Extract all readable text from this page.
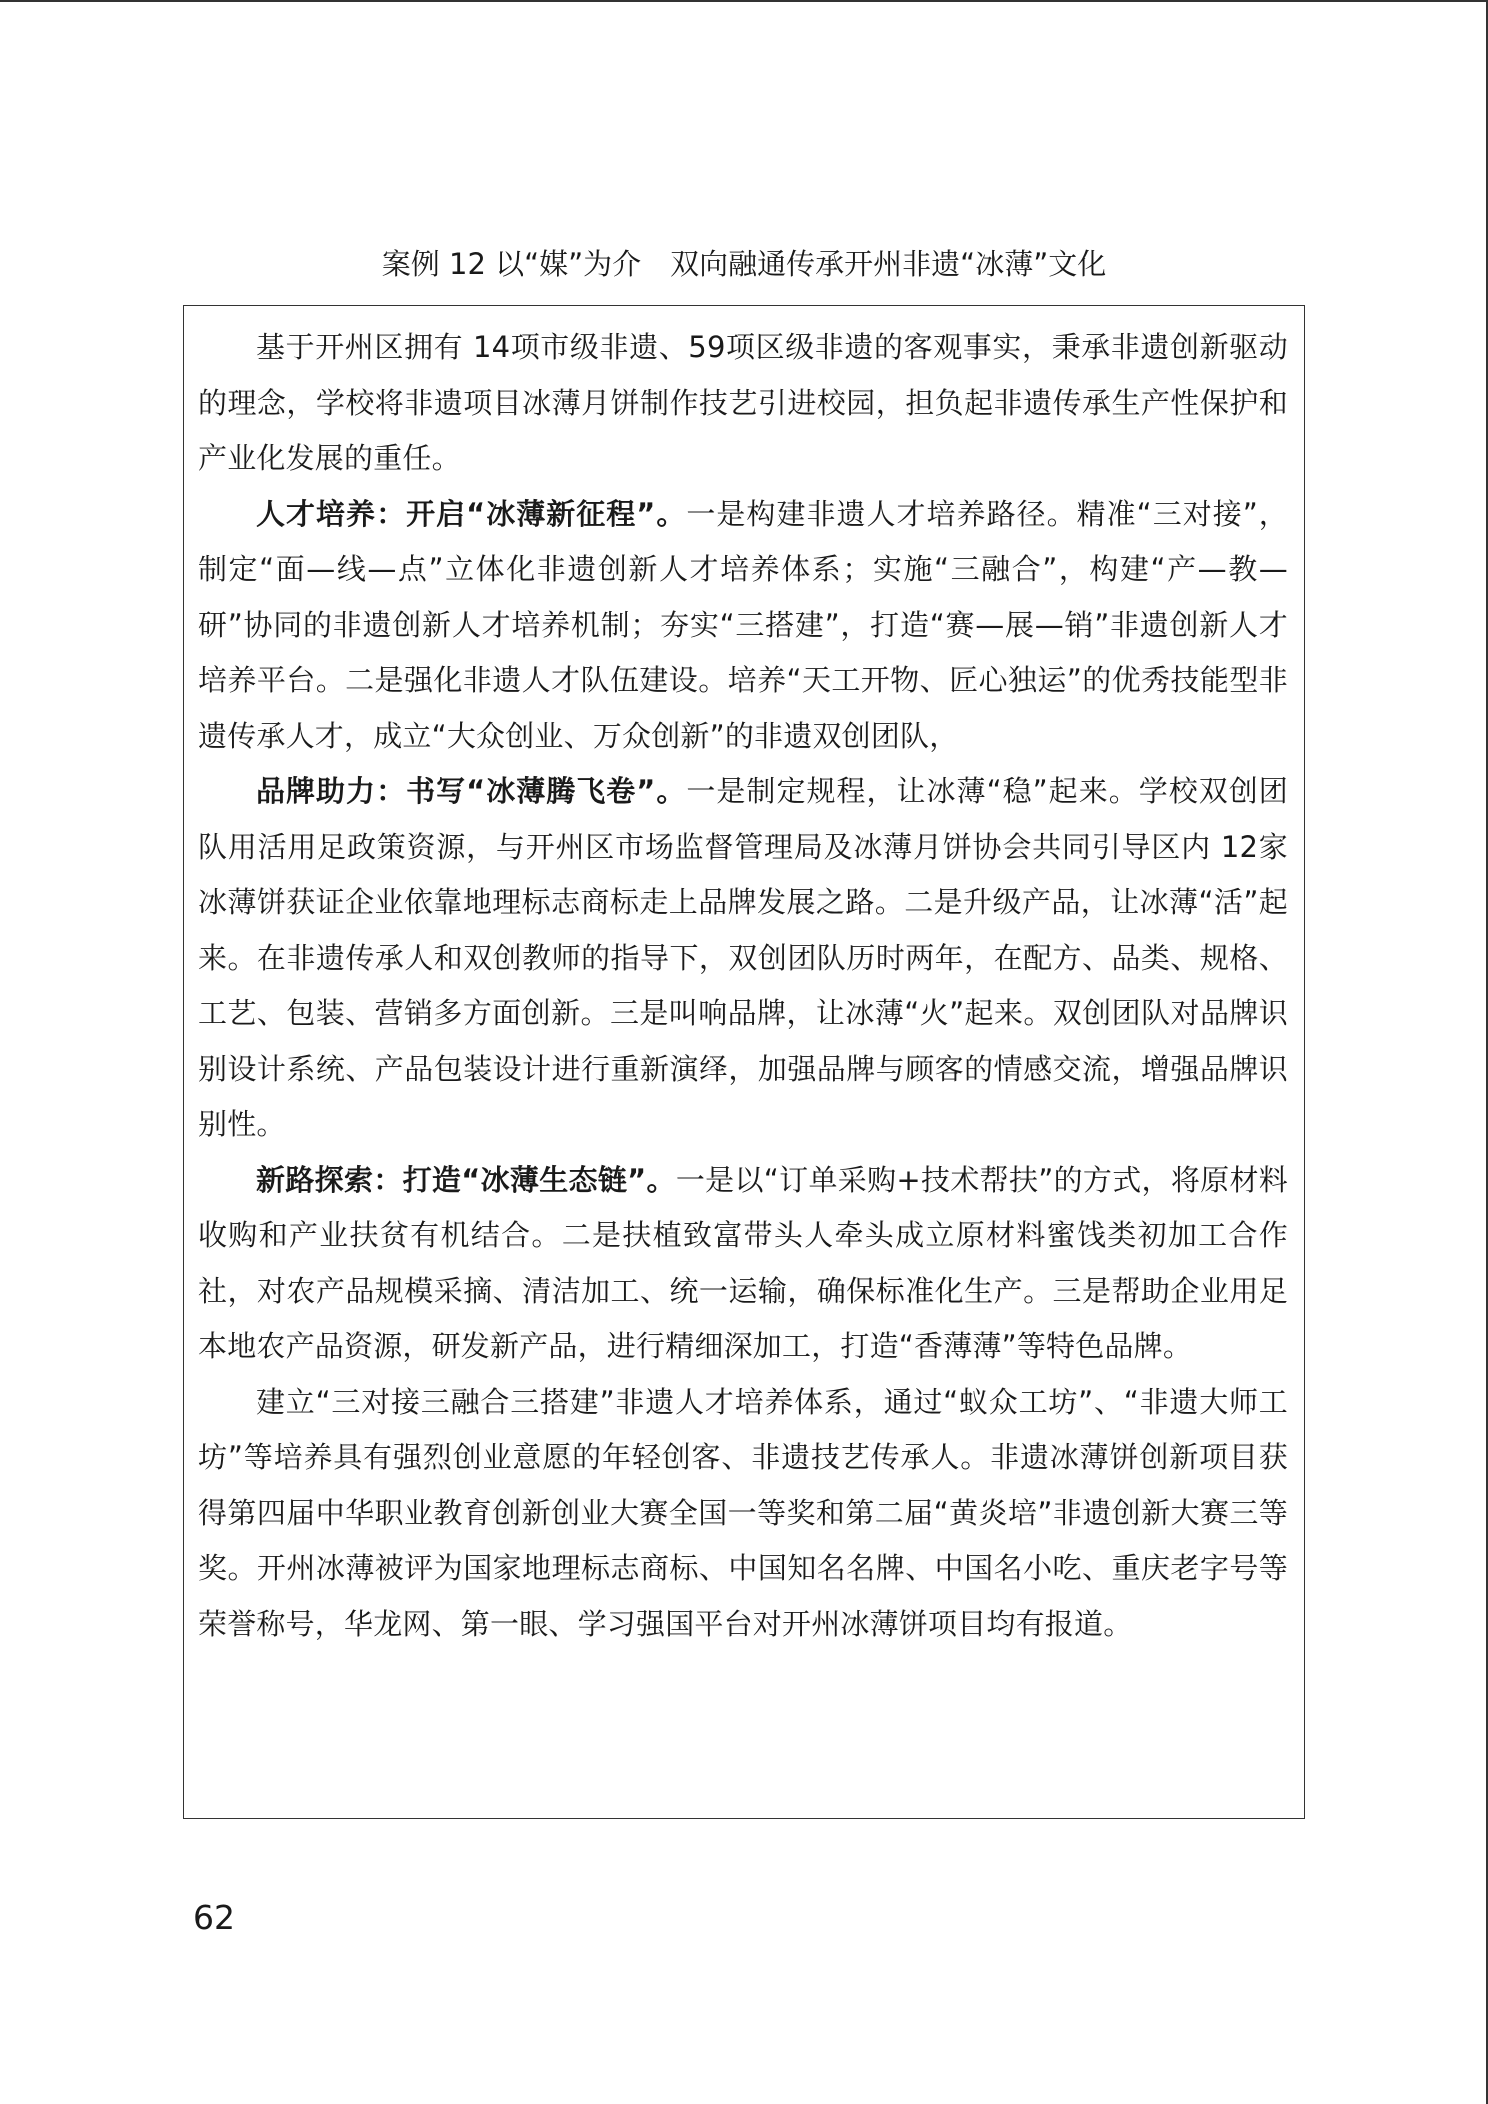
案例 12 以“媒”为介　双向融通传承开州非遗“冰薄”文化

基于开州区拥有 14项市级非遗、59项区级非遗的客观事实，秉承非遗创新驱动的理念，学校将非遗项目冰薄月饼制作技艺引进校园，担负起非遗传承生产性保护和产业化发展的重任。

人才培养：开启“冰薄新征程”。一是构建非遗人才培养路径。精准“三对接”，制定“面—线—点”立体化非遗创新人才培养体系；实施“三融合”，构建“产—教—研”协同的非遗创新人才培养机制；夯实“三搭建”，打造“赛—展—销”非遗创新人才培养平台。二是强化非遗人才队伍建设。培养“天工开物、匠心独运”的优秀技能型非遗传承人才，成立“大众创业、万众创新”的非遗双创团队，

品牌助力：书写“冰薄腾飞卷”。一是制定规程，让冰薄“稳”起来。学校双创团队用活用足政策资源，与开州区市场监督管理局及冰薄月饼协会共同引导区内 12家冰薄饼获证企业依靠地理标志商标走上品牌发展之路。二是升级产品，让冰薄“活”起来。在非遗传承人和双创教师的指导下，双创团队历时两年，在配方、品类、规格、工艺、包装、营销多方面创新。三是叫响品牌，让冰薄“火”起来。双创团队对品牌识别设计系统、产品包装设计进行重新演绎，加强品牌与顾客的情感交流，增强品牌识别性。

新路探索：打造“冰薄生态链”。一是以“订单采购+技术帮扶”的方式，将原材料收购和产业扶贫有机结合。二是扶植致富带头人牵头成立原材料蜜饯类初加工合作社，对农产品规模采摘、清洁加工、统一运输，确保标准化生产。三是帮助企业用足本地农产品资源，研发新产品，进行精细深加工，打造“香薄薄”等特色品牌。

建立“三对接三融合三搭建”非遗人才培养体系，通过“蚁众工坊”、“非遗大师工坊”等培养具有强烈创业意愿的年轻创客、非遗技艺传承人。非遗冰薄饼创新项目获得第四届中华职业教育创新创业大赛全国一等奖和第二届“黄炎培”非遗创新大赛三等奖。开州冰薄被评为国家地理标志商标、中国知名名牌、中国名小吃、重庆老字号等荣誉称号，华龙网、第一眼、学习强国平台对开州冰薄饼项目均有报道。

62
